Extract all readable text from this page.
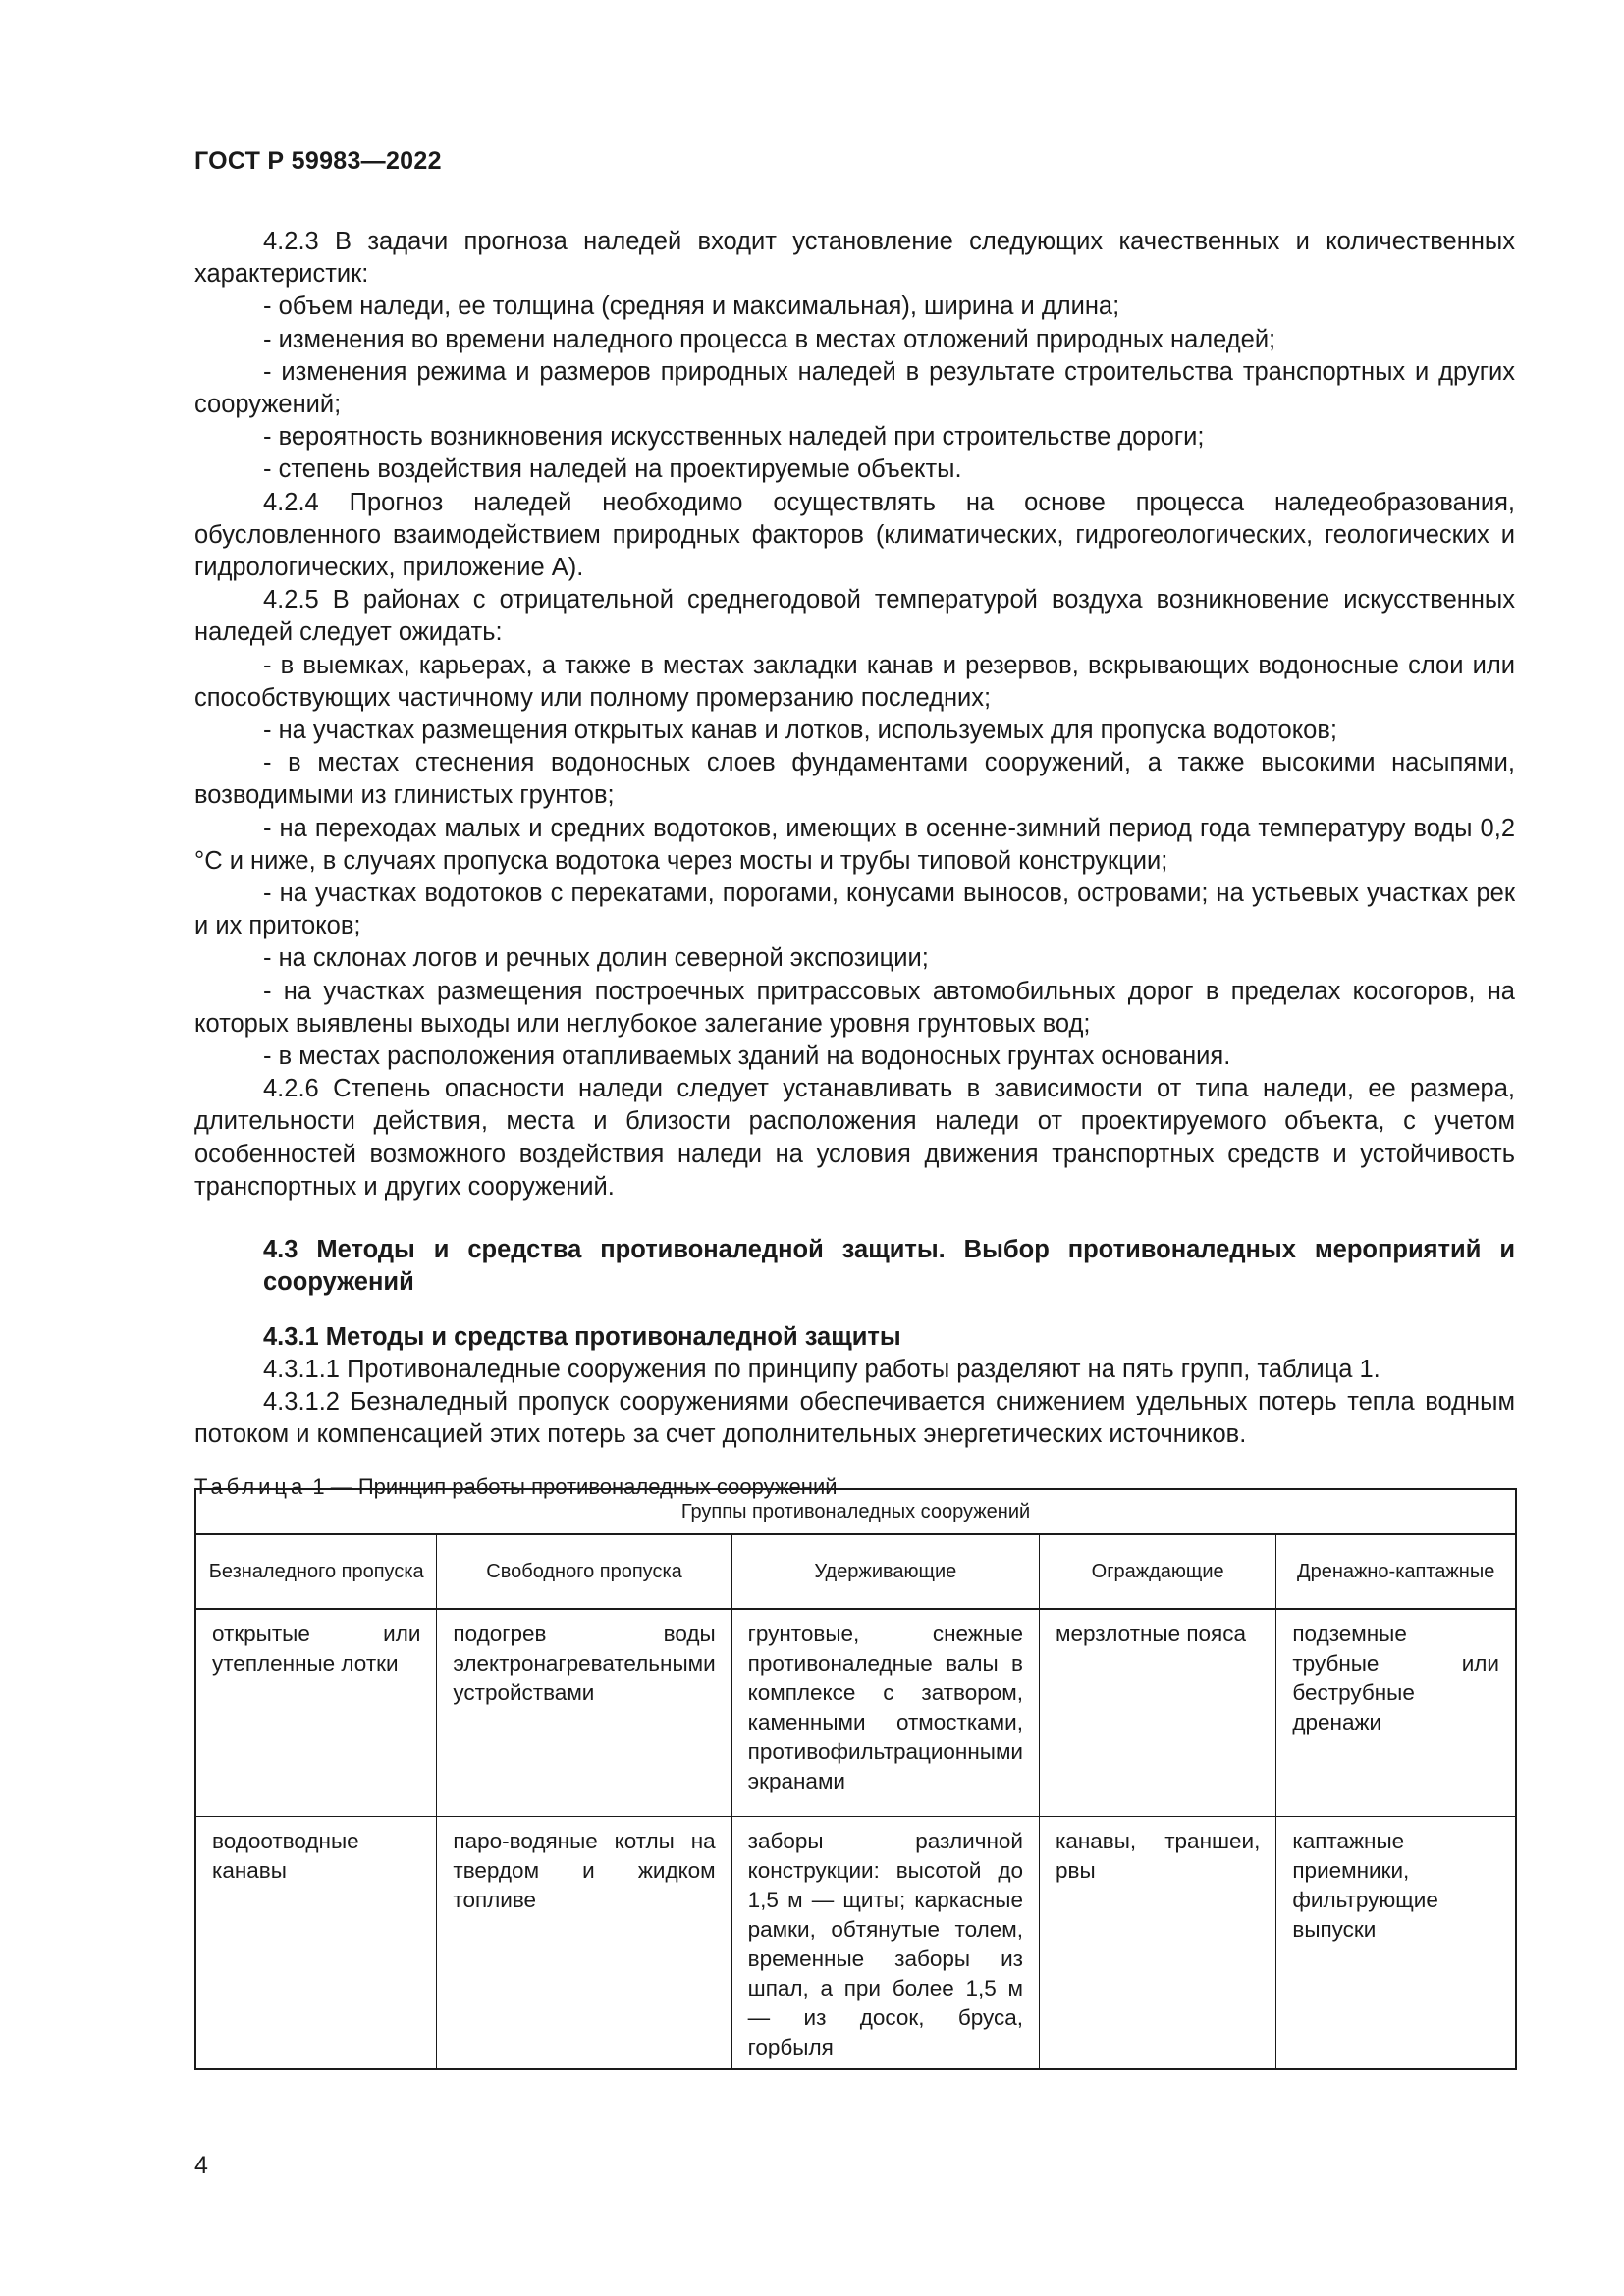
ГОСТ Р 59983—2022

4.2.3 В задачи прогноза наледей входит установление следующих качественных и количественных характеристик:

- объем наледи, ее толщина (средняя и максимальная), ширина и длина;

- изменения во времени наледного процесса в местах отложений природных наледей;

- изменения режима и размеров природных наледей в результате строительства транспортных и других сооружений;

- вероятность возникновения искусственных наледей при строительстве дороги;

- степень воздействия наледей на проектируемые объекты.

4.2.4 Прогноз наледей необходимо осуществлять на основе процесса наледеобразования, обусловленного взаимодействием природных факторов (климатических, гидрогеологических, геологических и гидрологических, приложение А).

4.2.5 В районах с отрицательной среднегодовой температурой воздуха возникновение искусственных наледей следует ожидать:

- в выемках, карьерах, а также в местах закладки канав и резервов, вскрывающих водоносные слои или способствующих частичному или полному промерзанию последних;

- на участках размещения открытых канав и лотков, используемых для пропуска водотоков;

- в местах стеснения водоносных слоев фундаментами сооружений, а также высокими насыпями, возводимыми из глинистых грунтов;

- на переходах малых и средних водотоков, имеющих в осенне-зимний период года температуру воды 0,2 °С и ниже, в случаях пропуска водотока через мосты и трубы типовой конструкции;

- на участках водотоков с перекатами, порогами, конусами выносов, островами; на устьевых участках рек и их притоков;

- на склонах логов и речных долин северной экспозиции;

- на участках размещения построечных притрассовых автомобильных дорог в пределах косогоров, на которых выявлены выходы или неглубокое залегание уровня грунтовых вод;

- в местах расположения отапливаемых зданий на водоносных грунтах основания.

4.2.6 Степень опасности наледи следует устанавливать в зависимости от типа наледи, ее размера, длительности действия, места и близости расположения наледи от проектируемого объекта, с учетом особенностей возможного воздействия наледи на условия движения транспортных средств и устойчивость транспортных и других сооружений.

4.3 Методы и средства противоналедной защиты. Выбор противоналедных мероприятий и сооружений

4.3.1 Методы и средства противоналедной защиты

4.3.1.1 Противоналедные сооружения по принципу работы разделяют на пять групп, таблица 1.

4.3.1.2 Безналедный пропуск сооружениями обеспечивается снижением удельных потерь тепла водным потоком и компенсацией этих потерь за счет дополнительных энергетических источников.

Таблица 1 — Принцип работы противоналедных сооружений
Группы противоналедных сооружений				
Безналедного пропуска	Свободного пропуска	Удерживающие	Ограждающие	Дренажно-каптажные
открытые или утепленные лотки	подогрев воды электронагревательными устройствами	грунтовые, снежные противоналедные валы в комплексе с затвором, каменными отмостками, противофильтрационными экранами	мерзлотные пояса	подземные трубные или беструбные дренажи
водоотводные канавы	паро-водяные котлы на твердом и жидком топливе	заборы различной конструкции: высотой до 1,5 м — щиты; каркасные рамки, обтянутые толем, временные заборы из шпал, а при более 1,5 м — из досок, бруса, горбыля	канавы, траншеи, рвы	каптажные приемники, фильтрующие выпуски
4
